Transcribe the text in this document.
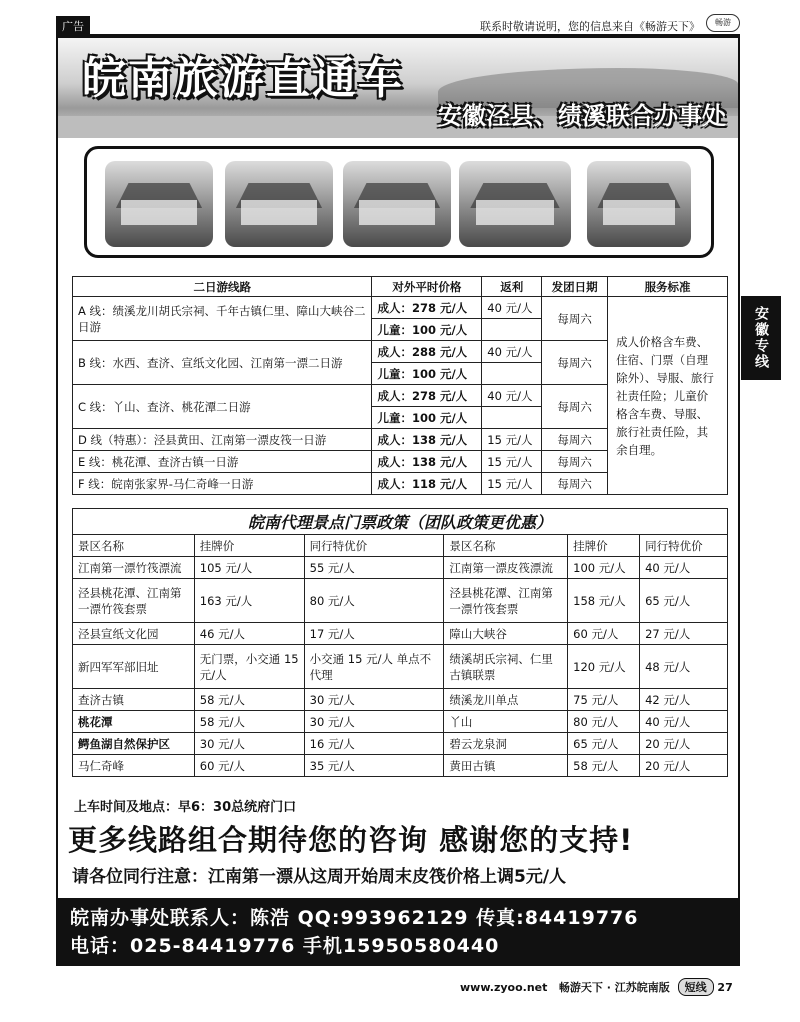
广告	联系时敬请说明，您的信息来自《畅游天下》	畅游
皖南旅游直通车
安徽泾县、绩溪联合办事处
安徽专线
二日游线路	对外平时价格	返利	发团日期	服务标准
A 线：绩溪龙川胡氏宗祠、千年古镇仁里、障山大峡谷二日游	成人：278 元/人	40 元/人	每周六	成人价格含车费、住宿、门票（自理除外）、导服、旅行社责任险；儿童价格含车费、导服、旅行社责任险，其余自理。
	儿童：100 元/人			
B 线：水西、查济、宣纸文化园、江南第一漂二日游	成人：288 元/人	40 元/人	每周六	
	儿童：100 元/人			
C 线：丫山、查济、桃花潭二日游	成人：278 元/人	40 元/人	每周六	
	儿童：100 元/人			
D 线（特惠）：泾县黄田、江南第一漂皮筏一日游	成人：138 元/人	15 元/人	每周六	
E 线：桃花潭、查济古镇一日游	成人：138 元/人	15 元/人	每周六	
F 线：皖南张家界-马仁奇峰一日游	成人：118 元/人	15 元/人	每周六	
皖南代理景点门票政策（团队政策更优惠）					
景区名称	挂牌价	同行特优价	景区名称	挂牌价	同行特优价
江南第一漂竹筏漂流	105 元/人	55 元/人	江南第一漂皮筏漂流	100 元/人	40 元/人
泾县桃花潭、江南第一漂竹筏套票	163 元/人	80 元/人	泾县桃花潭、江南第一漂竹筏套票	158 元/人	65 元/人
泾县宣纸文化园	46 元/人	17 元/人	障山大峡谷	60 元/人	27 元/人
新四军军部旧址	无门票，小交通 15 元/人	小交通 15 元/人 单点不代理	绩溪胡氏宗祠、仁里古镇联票	120 元/人	48 元/人
查济古镇	58 元/人	30 元/人	绩溪龙川单点	75 元/人	42 元/人
桃花潭	58 元/人	30 元/人	丫山	80 元/人	40 元/人
鳄鱼湖自然保护区	30 元/人	16 元/人	碧云龙泉洞	65 元/人	20 元/人
马仁奇峰	60 元/人	35 元/人	黄田古镇	58 元/人	20 元/人
上车时间及地点：早6：30总统府门口
更多线路组合期待您的咨询 感谢您的支持!
请各位同行注意：江南第一漂从这周开始周末皮筏价格上调5元/人
皖南办事处联系人：陈浩 QQ:993962129 传真:84419776
电话：025-84419776 手机15950580440
www.zyoo.net 畅游天下 · 江苏皖南版 短线 27
